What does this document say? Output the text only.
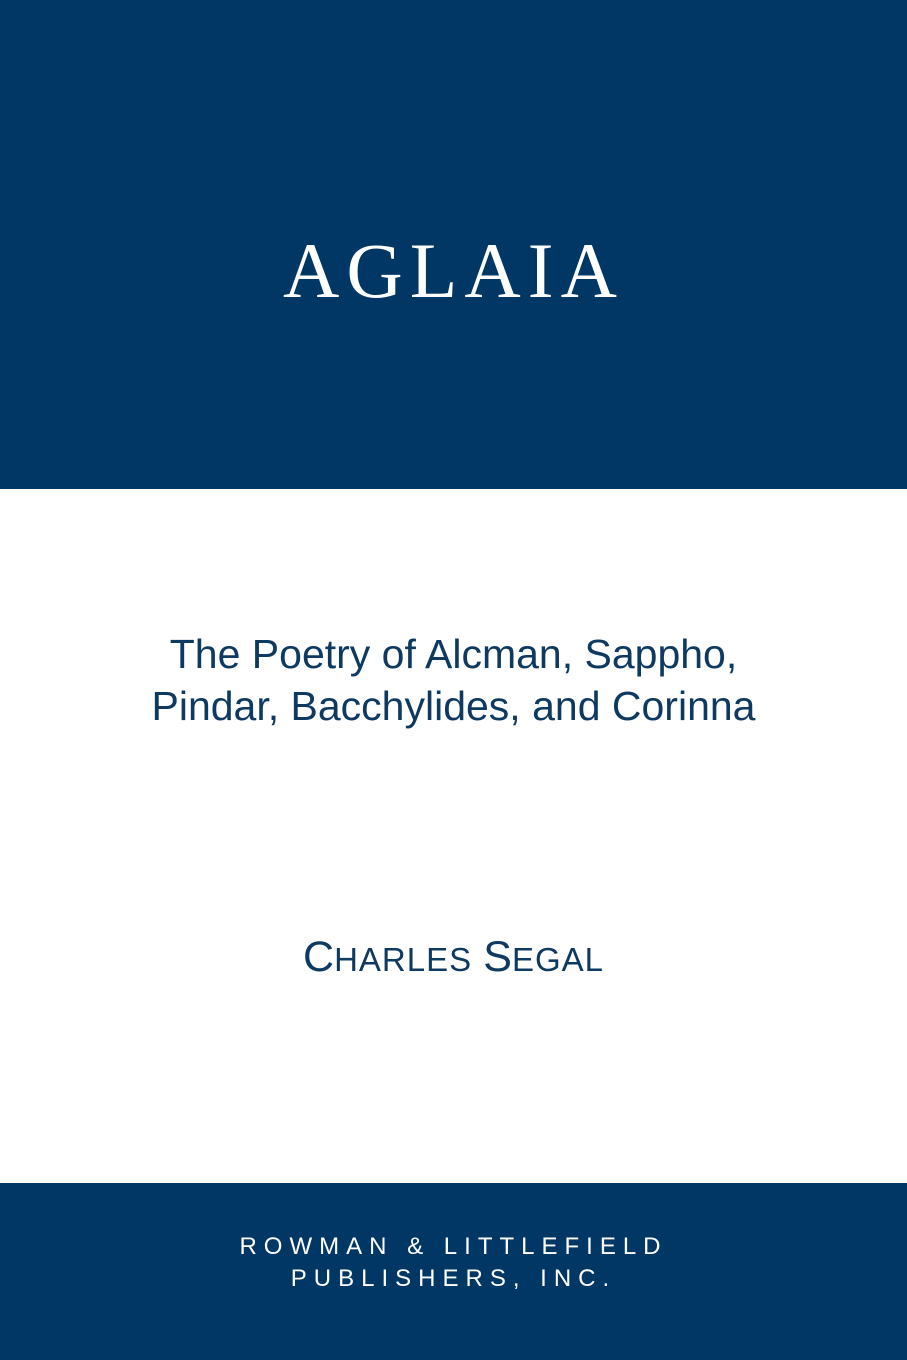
AGLAIA
The Poetry of Alcman, Sappho,
Pindar, Bacchylides, and Corinna
CHARLES SEGAL
ROWMAN & LITTLEFIELD
PUBLISHERS, INC.
